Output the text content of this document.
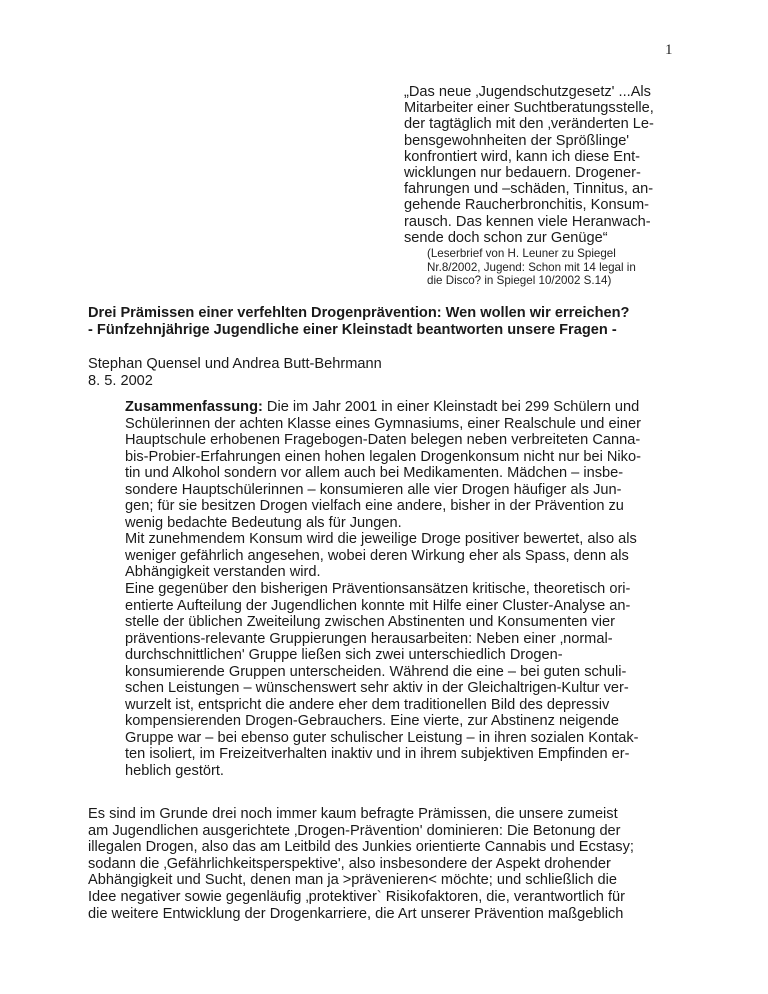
1
„Das neue ‚Jugendschutzgesetz' ...Als
Mitarbeiter einer Suchtberatungsstelle,
der tagtäglich mit den ‚veränderten Le-
bensgewohnheiten der Sprößlinge'
konfrontiert wird, kann ich diese Ent-
wicklungen nur bedauern. Drogener-
fahrungen und –schäden, Tinnitus, an-
gehende Raucherbronchitis, Konsum-
rausch. Das kennen viele Heranwach-
sende doch schon zur Genüge“
(Leserbrief von H. Leuner zu Spiegel
Nr.8/2002, Jugend: Schon mit 14 legal in
die Disco? in Spiegel 10/2002 S.14)
Drei Prämissen einer verfehlten Drogenprävention: Wen wollen wir erreichen?
- Fünfzehnjährige Jugendliche einer Kleinstadt beantworten unsere Fragen -
Stephan Quensel und Andrea Butt-Behrmann
8. 5. 2002
Zusammenfassung: Die im Jahr 2001 in einer Kleinstadt bei 299 Schülern und
Schülerinnen der achten Klasse eines Gymnasiums, einer Realschule und einer
Hauptschule erhobenen Fragebogen-Daten belegen neben verbreiteten Canna-
bis-Probier-Erfahrungen einen hohen legalen Drogenkonsum nicht nur bei Niko-
tin und Alkohol sondern vor allem auch bei Medikamenten. Mädchen – insbe-
sondere Hauptschülerinnen – konsumieren alle vier Drogen häufiger als Jun-
gen; für sie besitzen Drogen vielfach eine andere, bisher in der Prävention zu
wenig bedachte Bedeutung als für Jungen.
Mit zunehmendem Konsum wird die jeweilige Droge positiver bewertet, also als
weniger gefährlich angesehen, wobei deren Wirkung eher als Spass, denn als
Abhängigkeit verstanden wird.
Eine gegenüber den bisherigen Präventionsansätzen kritische, theoretisch ori-
entierte Aufteilung der Jugendlichen konnte mit Hilfe einer Cluster-Analyse an-
stelle der üblichen Zweiteilung zwischen Abstinenten und Konsumenten vier
präventions-relevante Gruppierungen herausarbeiten: Neben einer ‚normal-
durchschnittlichen' Gruppe ließen sich zwei unterschiedlich Drogen-
konsumierende Gruppen unterscheiden. Während die eine – bei guten schuli-
schen Leistungen – wünschenswert sehr aktiv in der Gleichaltrigen-Kultur ver-
wurzelt ist, entspricht die andere eher dem traditionellen Bild des depressiv
kompensierenden Drogen-Gebrauchers. Eine vierte, zur Abstinenz neigende
Gruppe war – bei ebenso guter schulischer Leistung – in ihren sozialen Kontak-
ten isoliert, im Freizeitverhalten inaktiv und in ihrem subjektiven Empfinden er-
heblich gestört.
Es sind im Grunde drei noch immer kaum befragte Prämissen, die unsere zumeist
am Jugendlichen ausgerichtete ‚Drogen-Prävention' dominieren: Die Betonung der
illegalen Drogen, also das am Leitbild des Junkies orientierte Cannabis und Ecstasy;
sodann die ‚Gefährlichkeitsperspektive', also insbesondere der Aspekt drohender
Abhängigkeit und Sucht, denen man ja >prävenieren< möchte; und schließlich die
Idee negativer sowie gegenläufig ‚protektiver` Risikofaktoren, die, verantwortlich für
die weitere Entwicklung der Drogenkarriere, die Art unserer Prävention maßgeblich
